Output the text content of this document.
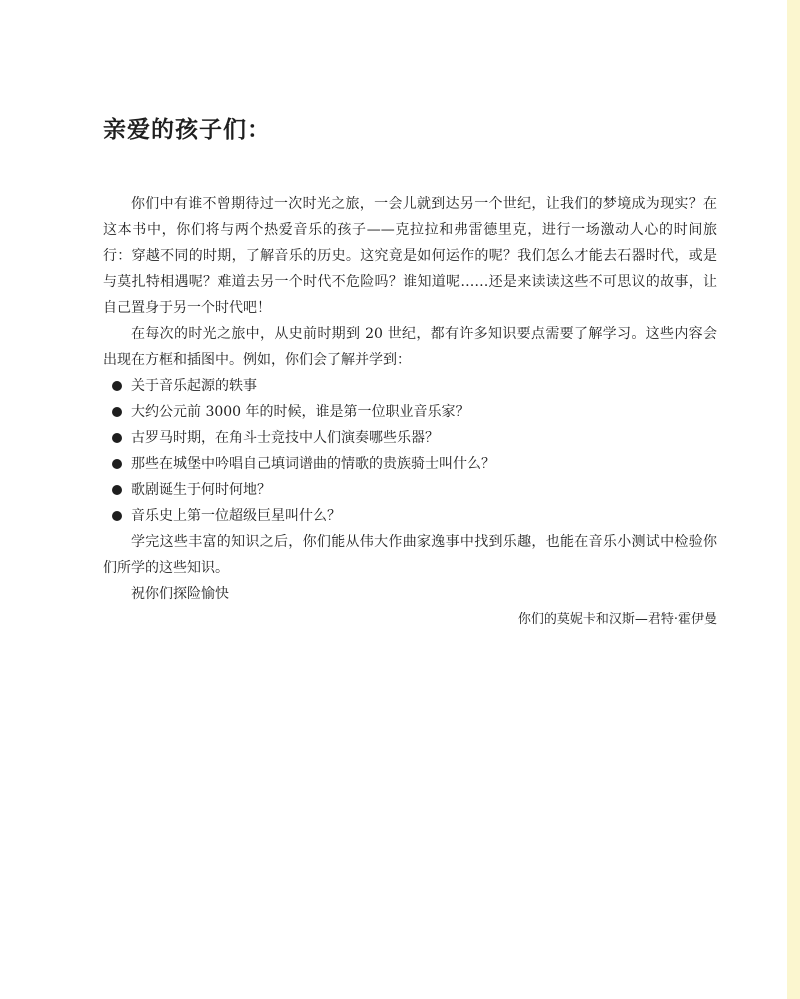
亲爱的孩子们：

你们中有谁不曾期待过一次时光之旅，一会儿就到达另一个世纪，让我们的梦境成为现实？在这本书中，你们将与两个热爱音乐的孩子——克拉拉和弗雷德里克，进行一场激动人心的时间旅行：穿越不同的时期，了解音乐的历史。这究竟是如何运作的呢？我们怎么才能去石器时代，或是与莫扎特相遇呢？难道去另一个时代不危险吗？谁知道呢……还是来读读这些不可思议的故事，让自己置身于另一个时代吧！

在每次的时光之旅中，从史前时期到 20 世纪，都有许多知识要点需要了解学习。这些内容会出现在方框和插图中。例如，你们会了解并学到：

关于音乐起源的轶事
大约公元前 3000 年的时候，谁是第一位职业音乐家？
古罗马时期，在角斗士竞技中人们演奏哪些乐器？
那些在城堡中吟唱自己填词谱曲的情歌的贵族骑士叫什么？
歌剧诞生于何时何地？
音乐史上第一位超级巨星叫什么？

学完这些丰富的知识之后，你们能从伟大作曲家逸事中找到乐趣，也能在音乐小测试中检验你们所学的这些知识。

祝你们探险愉快

你们的莫妮卡和汉斯—君特·霍伊曼
